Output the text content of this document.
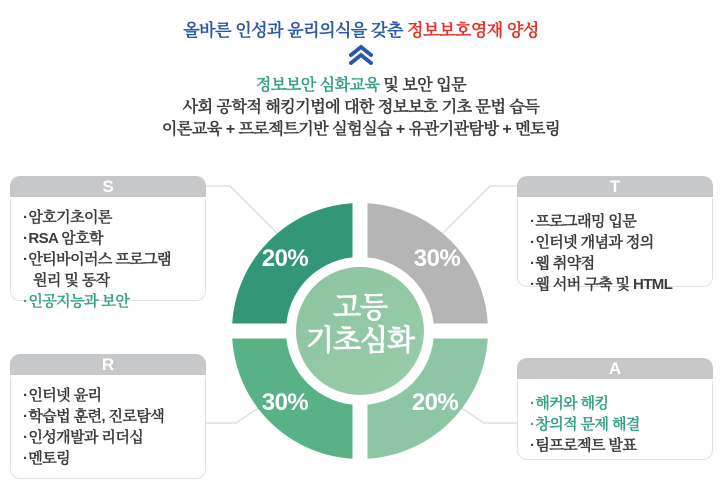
올바른 인성과 윤리의식을 갖춘 정보보호영재 양성
정보보안 심화교육 및 보안 입문
사회 공학적 해킹기법에 대한 정보보호 기초 문법 습득
이론교육 + 프로젝트기반 실험실습 + 유관기관탐방 + 멘토링
20%	30%
20%
30%
고등
기초심화
S
·암호기초이론
·RSA 암호학
·안티바이러스 프로그램
원리 및 동작
·인공지능과 보안
T
·프로그래밍 입문
·인터넷 개념과 정의
·웹 취약점
·웹 서버 구축 및 HTML
R
·인터넷 윤리
·학습법 훈련, 진로탐색
·인성개발과 리더십
·멘토링
A
·해커와 해킹
·창의적 문제 해결
·팀프로젝트 발표
